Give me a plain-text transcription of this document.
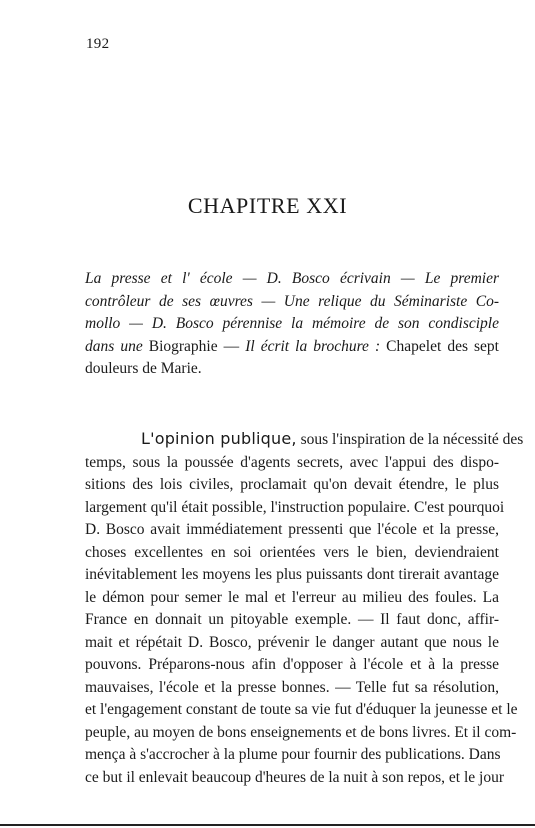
192
CHAPITRE XXI
La presse et l' école — D. Bosco écrivain — Le premier
contrôleur de ses œuvres — Une relique du Séminariste Co-
mollo — D. Bosco pérennise la mémoire de son condisciple
dans une Biographie — Il écrit la brochure : Chapelet des sept
douleurs de Marie.
L'opinion publique, sous l'inspiration de la nécessité des
temps, sous la poussée d'agents secrets, avec l'appui des dispo-
sitions des lois civiles, proclamait qu'on devait étendre, le plus
largement qu'il était possible, l'instruction populaire. C'est pourquoi
D. Bosco avait immédiatement pressenti que l'école et la presse,
choses excellentes en soi orientées vers le bien, deviendraient
inévitablement les moyens les plus puissants dont tirerait avantage
le démon pour semer le mal et l'erreur au milieu des foules. La
France en donnait un pitoyable exemple. — Il faut donc, affir-
mait et répétait D. Bosco, prévenir le danger autant que nous le
pouvons. Préparons-nous afin d'opposer à l'école et à la presse
mauvaises, l'école et la presse bonnes. — Telle fut sa résolution,
et l'engagement constant de toute sa vie fut d'éduquer la jeunesse et le
peuple, au moyen de bons enseignements et de bons livres. Et il com-
mença à s'accrocher à la plume pour fournir des publications. Dans
ce but il enlevait beaucoup d'heures de la nuit à son repos, et le jour
